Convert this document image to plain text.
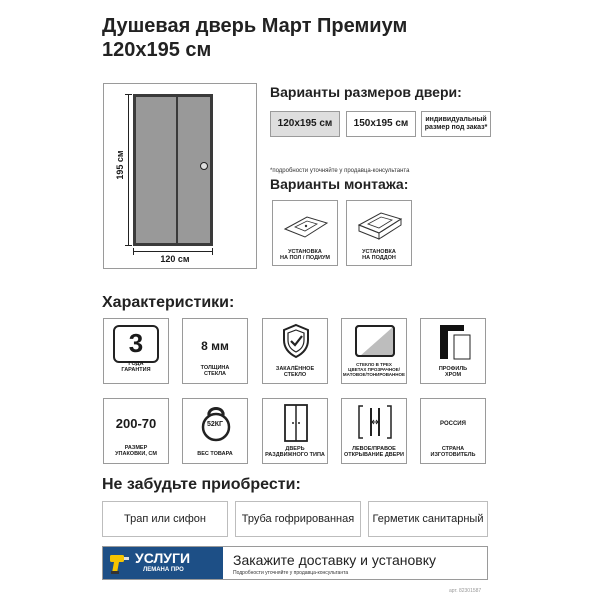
Душевая дверь Март Премиум
120x195 см
195 см
120 см
Варианты размеров двери:
120x195 см 150x195 см индивидуальный
размер под заказ*
*подробности уточняйте у продавца-консультанта
Варианты монтажа:
УСТАНОВКА
НА ПОЛ / ПОДИУМ
УСТАНОВКА
НА ПОДДОН
Характеристики:
3
ГОДА
ГАРАНТИЯ
8 мм
ТОЛЩИНА
СТЕКЛА
ЗАКАЛЁННОЕ
СТЕКЛО
СТЕКЛО В ТРЕХ
ЦВЕТАХ ПРОЗРАЧНОЕ/
МАТОВОЕ/ТОНИРОВАННОЕ
ПРОФИЛЬ
ХРОМ
200-70
РАЗМЕР
УПАКОВКИ, СМ
52КГ
ВЕС ТОВАРА
ДВЕРЬ
РАЗДВИЖНОГО ТИПА
ЛЕВОЕ/ПРАВОЕ
ОТКРЫВАНИЕ ДВЕРИ
РОССИЯ
СТРАНА
ИЗГОТОВИТЕЛЬ
Не забудьте приобрести:
Трап или сифон	Труба гофрированная Герметик санитарный
УСЛУГИ
ЛЕМАНА ПРО
Закажите доставку и установку
Подробности уточняйте у продавца-консультанта
арт. 82301587
